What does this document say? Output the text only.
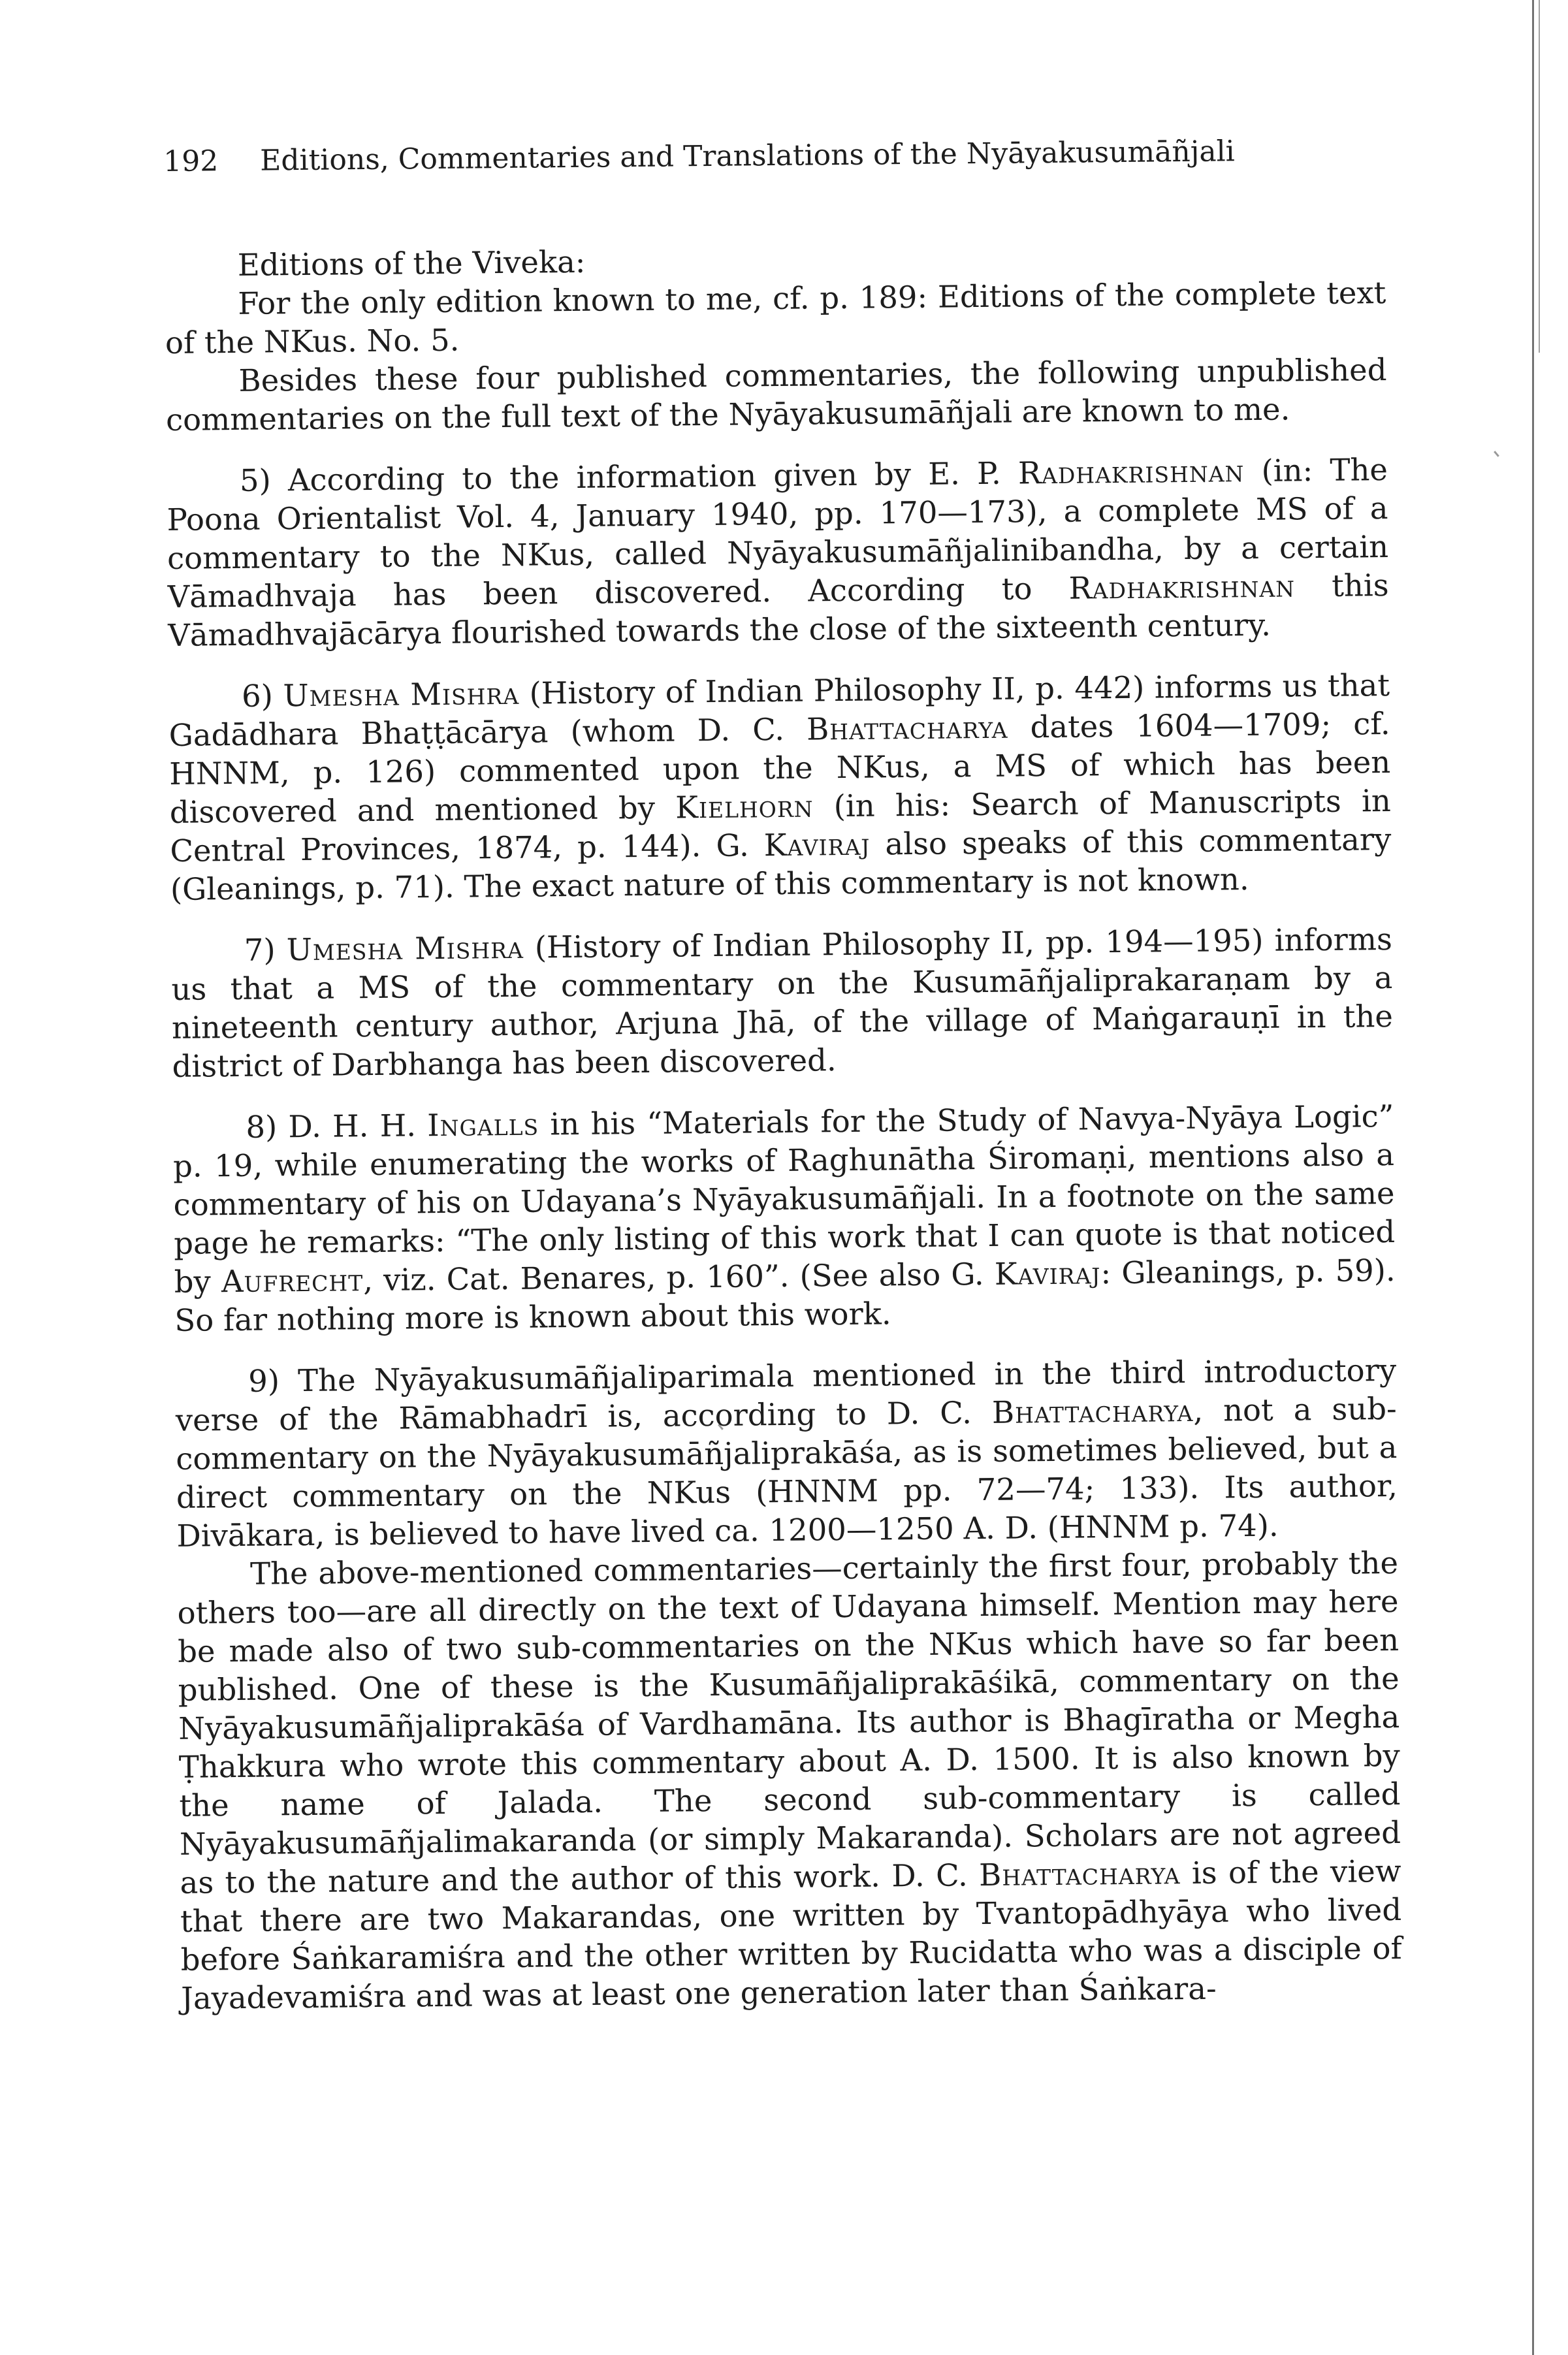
192 Editions, Commentaries and Translations of the Nyāyakusumāñjali

Editions of the Viveka:

For the only edition known to me, cf. p. 189: Editions of the complete text of the NKus. No. 5.

Besides these four published commentaries, the following unpublished commentaries on the full text of the Nyāyakusumāñjali are known to me.

5) According to the information given by E. P. Radhakrishnan (in: The Poona Orientalist Vol. 4, January 1940, pp. 170—173), a complete MS of a commentary to the NKus, called Nyāyakusumāñjalinibandha, by a certain Vāmadhvaja has been discovered. According to Radhakrishnan this Vāmadhvajācārya flourished towards the close of the sixteenth century.

6) Umesha Mishra (History of Indian Philosophy II, p. 442) informs us that Gadādhara Bhaṭṭācārya (whom D. C. Bhattacharya dates 1604—1709; cf. HNNM, p. 126) commented upon the NKus, a MS of which has been discovered and mentioned by Kielhorn (in his: Search of Manuscripts in Central Provinces, 1874, p. 144). G. Kaviraj also speaks of this commentary (Gleanings, p. 71). The exact nature of this commentary is not known.

7) Umesha Mishra (History of Indian Philosophy II, pp. 194—195) informs us that a MS of the commentary on the Kusumāñjaliprakaraṇam by a nineteenth century author, Arjuna Jhā, of the village of Maṅgarauṇī in the district of Darbhanga has been discovered.

8) D. H. H. Ingalls in his “Materials for the Study of Navya-Nyāya Logic” p. 19, while enumerating the works of Raghunātha Śiromaṇi, mentions also a commentary of his on Udayana’s Nyāyakusumāñjali. In a footnote on the same page he remarks: “The only listing of this work that I can quote is that noticed by Aufrecht, viz. Cat. Benares, p. 160”. (See also G. Kaviraj: Gleanings, p. 59). So far nothing more is known about this work.

9) The Nyāyakusumāñjaliparimala mentioned in the third introductory verse of the Rāmabhadrī is, according to D. C. Bhattacharya, not a sub-commentary on the Nyāyakusumāñjaliprakāśa, as is sometimes believed, but a direct commentary on the NKus (HNNM pp. 72—74; 133). Its author, Divākara, is believed to have lived ca. 1200—1250 A. D. (HNNM p. 74).

The above-mentioned commentaries—certainly the first four, probably the others too—are all directly on the text of Udayana himself. Mention may here be made also of two sub-commentaries on the NKus which have so far been published. One of these is the Kusumāñjaliprakāśikā, commentary on the Nyāyakusumāñjaliprakāśa of Vardhamāna. Its author is Bhagīratha or Megha Ṭhakkura who wrote this commentary about A. D. 1500. It is also known by the name of Jalada. The second sub-commentary is called Nyāyakusumāñjalimakaranda (or simply Makaranda). Scholars are not agreed as to the nature and the author of this work. D. C. Bhattacharya is of the view that there are two Makarandas, one written by Tvantopādhyāya who lived before Śaṅkaramiśra and the other written by Rucidatta who was a disciple of Jayadevamiśra and was at least one generation later than Śaṅkara-
